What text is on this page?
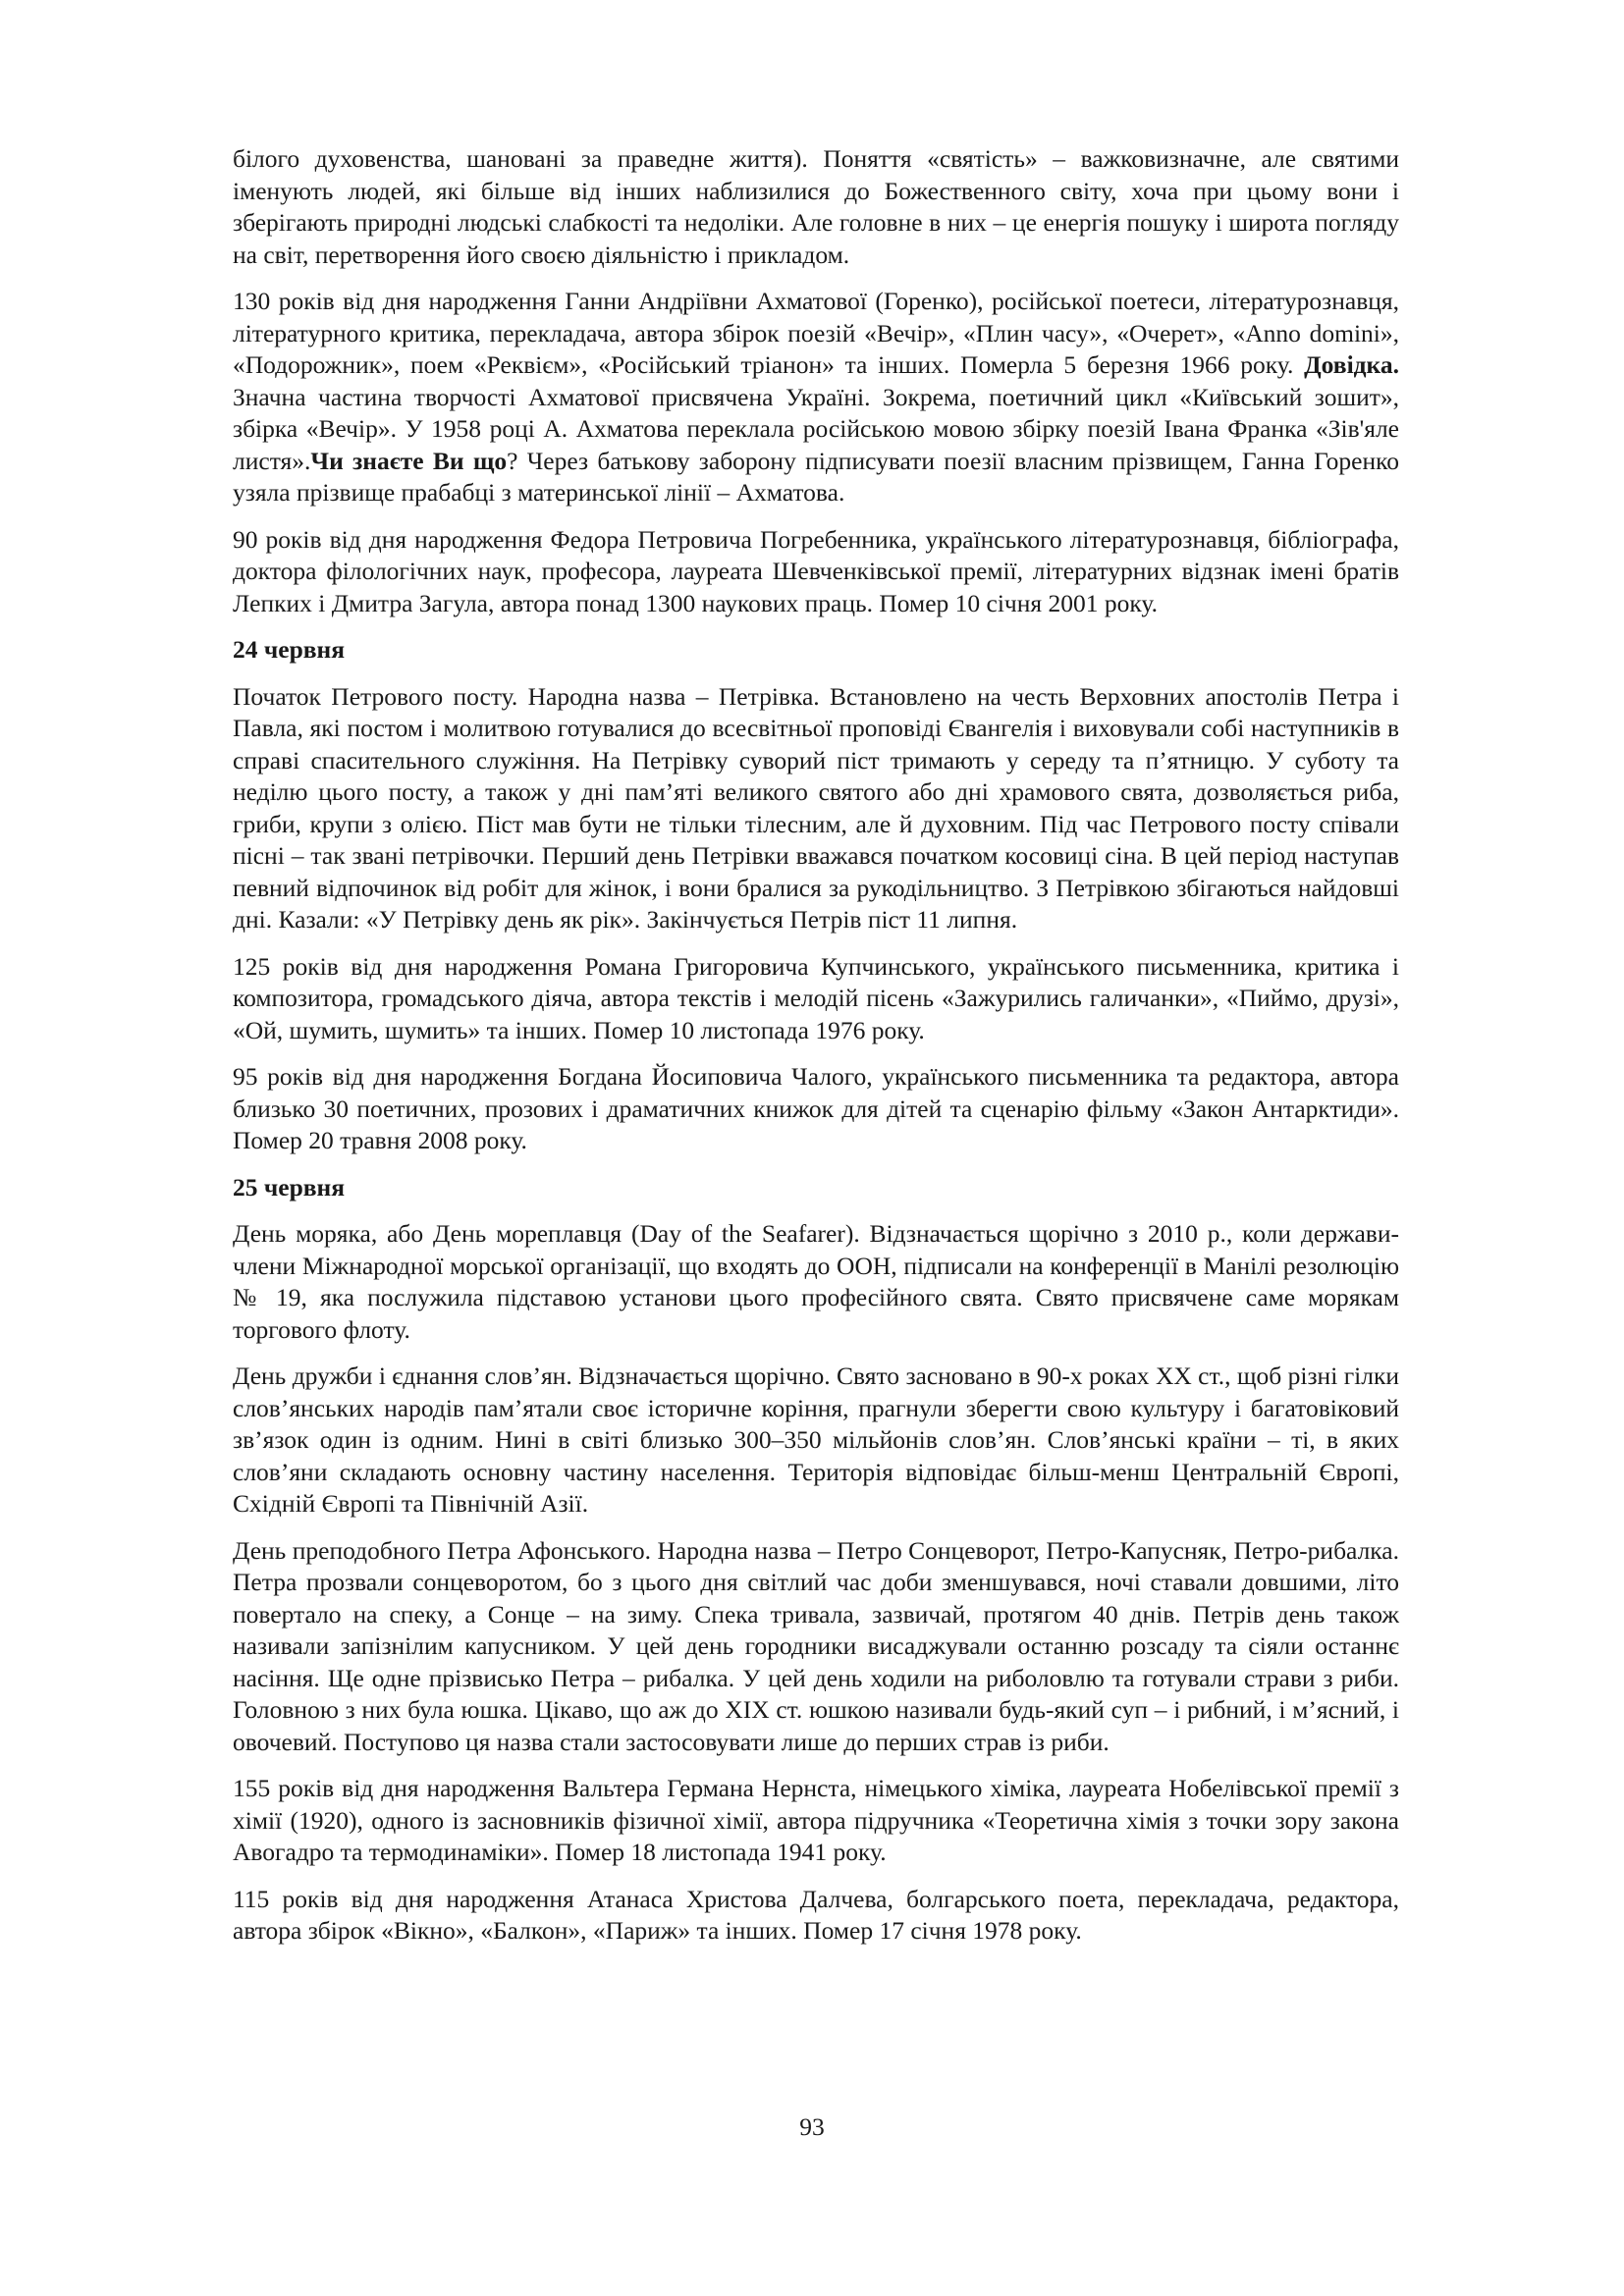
білого духовенства, шановані за праведне життя). Поняття «святість» – важковизначне, але святими іменують людей, які більше від інших наблизилися до Божественного світу, хоча при цьому вони і зберігають природні людські слабкості та недоліки. Але головне в них – це енергія пошуку і широта погляду на світ, перетворення його своєю діяльністю і прикладом.

130 років від дня народження Ганни Андріївни Ахматової (Горенко), російської поетеси, літературознавця, літературного критика, перекладача, автора збірок поезій «Вечір», «Плин часу», «Очерет», «Anno domini», «Подорожник», поем «Реквієм», «Російський тріанон» та інших. Померла 5 березня 1966 року. Довідка. Значна частина творчості Ахматової присвячена Україні. Зокрема, поетичний цикл «Київський зошит», збірка «Вечір». У 1958 році А. Ахматова переклала російською мовою збірку поезій Івана Франка «Зів'яле листя».Чи знаєте Ви що? Через батькову заборону підписувати поезії власним прізвищем, Ганна Горенко узяла прізвище прабабці з материнської лінії – Ахматова.

90 років від дня народження Федора Петровича Погребенника, українського літературознавця, бібліографа, доктора філологічних наук, професора, лауреата Шевченківської премії, літературних відзнак імені братів Лепких і Дмитра Загула, автора понад 1300 наукових праць. Помер 10 січня 2001 року.

24 червня

Початок Петрового посту. Народна назва – Петрівка. Встановлено на честь Верховних апостолів Петра і Павла, які постом і молитвою готувалися до всесвітньої проповіді Євангелія і виховували собі наступників в справі спасительного служіння. На Петрівку суворий піст тримають у середу та п’ятницю. У суботу та неділю цього посту, а також у дні пам’яті великого святого або дні храмового свята, дозволяється риба, гриби, крупи з олією. Піст мав бути не тільки тілесним, але й духовним. Під час Петрового посту співали пісні – так звані петрівочки. Перший день Петрівки вважався початком косовиці сіна. В цей період наступав певний відпочинок від робіт для жінок, і вони бралися за рукодільництво. З Петрівкою збігаються найдовші дні. Казали: «У Петрівку день як рік». Закінчується Петрів піст 11 липня.

125 років від дня народження Романа Григоровича Купчинського, українського письменника, критика і композитора, громадського діяча, автора текстів і мелодій пісень «Зажурились галичанки», «Пиймо, друзі», «Ой, шумить, шумить» та інших. Помер 10 листопада 1976 року.

95 років від дня народження Богдана Йосиповича Чалого, українського письменника та редактора, автора близько 30 поетичних, прозових і драматичних книжок для дітей та сценарію фільму «Закон Антарктиди». Помер 20 травня 2008 року.

25 червня

День моряка, або День мореплавця (Day of the Seafarer). Відзначається щорічно з 2010 р., коли держави-члени Міжнародної морської організації, що входять до ООН, підписали на конференції в Манілі резолюцію № 19, яка послужила підставою установи цього професійного свята. Свято присвячене саме морякам торгового флоту.

День дружби і єднання слов’ян. Відзначається щорічно. Свято засновано в 90-х роках XX ст., щоб різні гілки слов’янських народів пам’ятали своє історичне коріння, прагнули зберегти свою культуру і багатовіковий зв’язок один із одним. Нині в світі близько 300–350 мільйонів слов’ян. Слов’янські країни – ті, в яких слов’яни складають основну частину населення. Територія відповідає більш-менш Центральній Європі, Східній Європі та Північній Азії.

День преподобного Петра Афонського. Народна назва – Петро Сонцеворот, Петро-Капусняк, Петро-рибалка. Петра прозвали сонцеворотом, бо з цього дня світлий час доби зменшувався, ночі ставали довшими, літо повертало на спеку, а Сонце – на зиму. Спека тривала, зазвичай, протягом 40 днів. Петрів день також називали запізнілим капусником. У цей день городники висаджували останню розсаду та сіяли останнє насіння. Ще одне прізвисько Петра – рибалка. У цей день ходили на риболовлю та готували страви з риби. Головною з них була юшка. Цікаво, що аж до XIX ст. юшкою називали будь-який суп – і рибний, і м’ясний, і овочевий. Поступово ця назва стали застосовувати лише до перших страв із риби.

155 років від дня народження Вальтера Германа Нернста, німецького хіміка, лауреата Нобелівської премії з хімії (1920), одного із засновників фізичної хімії, автора підручника «Теоретична хімія з точки зору закона Авогадро та термодинаміки». Помер 18 листопада 1941 року.

115 років від дня народження Атанаса Христова Далчева, болгарського поета, перекладача, редактора, автора збірок «Вікно», «Балкон», «Париж» та інших. Помер 17 січня 1978 року.

93
